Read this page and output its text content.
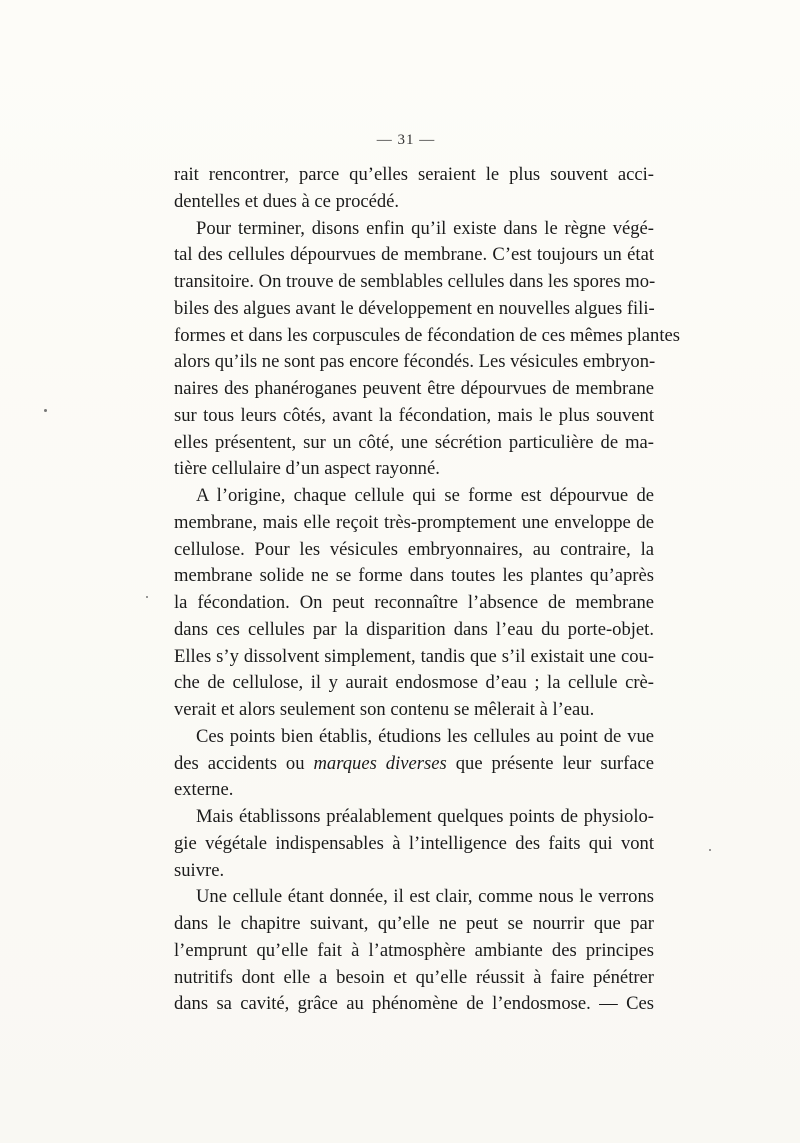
— 31 —
rait rencontrer, parce qu’elles seraient le plus souvent acci-
dentelles et dues à ce procédé.
Pour terminer, disons enfin qu’il existe dans le règne végé-
tal des cellules dépourvues de membrane. C’est toujours un état
transitoire. On trouve de semblables cellules dans les spores mo-
biles des algues avant le développement en nouvelles algues fili-
formes et dans les corpuscules de fécondation de ces mêmes plantes
alors qu’ils ne sont pas encore fécondés. Les vésicules embryon-
naires des phanéroganes peuvent être dépourvues de membrane
sur tous leurs côtés, avant la fécondation, mais le plus souvent
elles présentent, sur un côté, une sécrétion particulière de ma-
tière cellulaire d’un aspect rayonné.
A l’origine, chaque cellule qui se forme est dépourvue de
membrane, mais elle reçoit très-promptement une enveloppe de
cellulose. Pour les vésicules embryonnaires, au contraire, la
membrane solide ne se forme dans toutes les plantes qu’après
la fécondation. On peut reconnaître l’absence de membrane
dans ces cellules par la disparition dans l’eau du porte-objet.
Elles s’y dissolvent simplement, tandis que s’il existait une cou-
che de cellulose, il y aurait endosmose d’eau ; la cellule crè-
verait et alors seulement son contenu se mêlerait à l’eau.
Ces points bien établis, étudions les cellules au point de vue
des accidents ou marques diverses que présente leur surface
externe.
Mais établissons préalablement quelques points de physiolo-
gie végétale indispensables à l’intelligence des faits qui vont
suivre.
Une cellule étant donnée, il est clair, comme nous le verrons
dans le chapitre suivant, qu’elle ne peut se nourrir que par
l’emprunt qu’elle fait à l’atmosphère ambiante des principes
nutritifs dont elle a besoin et qu’elle réussit à faire pénétrer
dans sa cavité, grâce au phénomène de l’endosmose. — Ces
